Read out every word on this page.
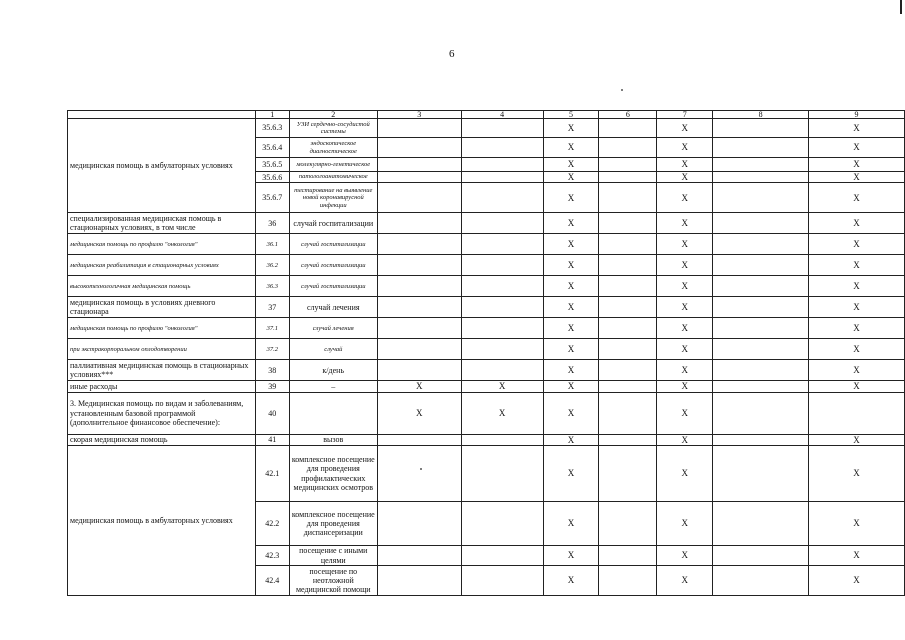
6
	1	2	3	4	5	6	7	8	9
медицинская помощь в амбулаторных условиях	35.6.3	УЗИ сердечно-сосудистой системы			Х		Х		Х
	35.6.4	эндоскопическое диагностическое			Х		Х		Х
	35.6.5	молекулярно-генетическое			Х		Х		Х
	35.6.6	патологоанатомическое			Х		Х		Х
	35.6.7	тестирование на выявление новой коронавирусной инфекции			Х		Х		Х
специализированная медицинская помощь в стационарных условиях, в том числе	36	случай госпитализации			Х		Х		Х
медицинская помощь по профилю "онкология"	36.1	случай госпитализации			Х		Х		Х
медицинская реабилитация в стационарных условиях	36.2	случай госпитализации			Х		Х		Х
высокотехнологичная медицинская помощь	36.3	случай госпитализации			Х		Х		Х
медицинская помощь в условиях дневного стационара	37	случай лечения			Х		Х		Х
медицинская помощь по профилю "онкология"	37.1	случай лечения			Х		Х		Х
при экстракорпоральном оплодотворении	37.2	случай			Х		Х		Х
паллиативная медицинская помощь в стационарных условиях***	38	к/день			Х		Х		Х
иные расходы	39	–	Х	Х	Х		Х		Х
3. Медицинская помощь по видам и заболеваниям, установленным базовой программой (дополнительное финансовое обеспечение):	40		Х	Х	Х		Х		
скорая медицинская помощь	41	вызов			Х		Х		Х
медицинская помощь в амбулаторных условиях	42.1	комплексное посещение для проведения профилактических медицинских осмотров			Х		Х		Х
	42.2	комплексное посещение для проведения диспансеризации			Х		Х		Х
	42.3	посещение с иными целями			Х		Х		Х
	42.4	посещение по неотложной медицинской помощи			Х		Х		Х
